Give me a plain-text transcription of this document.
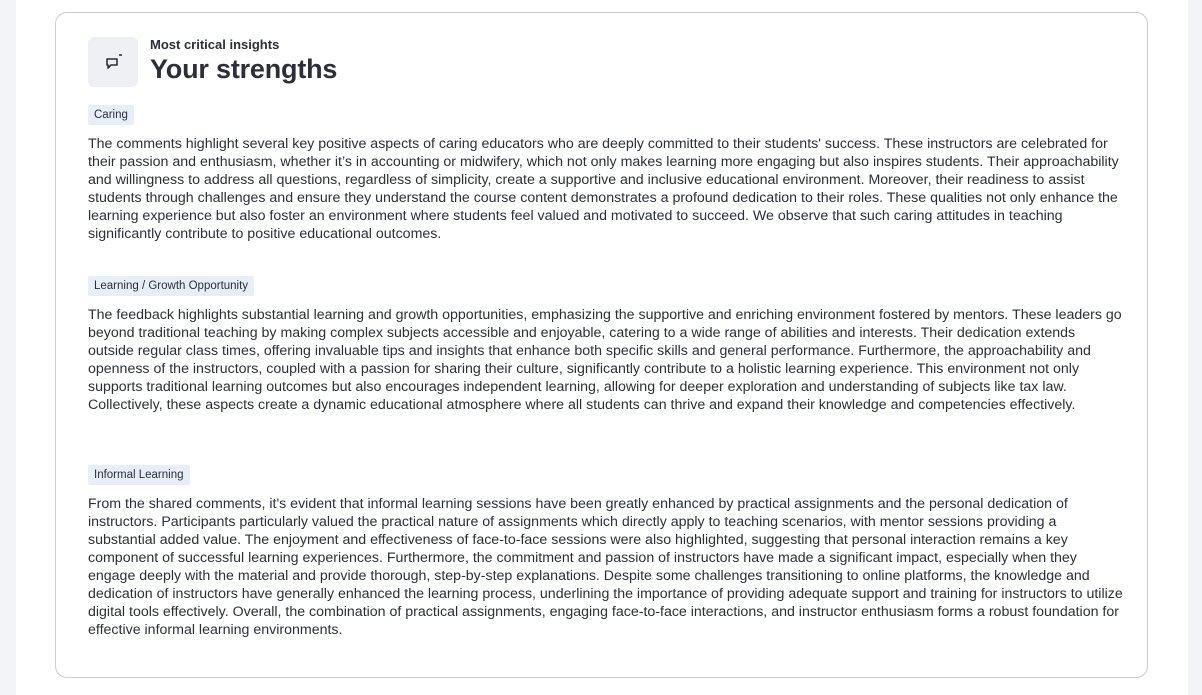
Most critical insights
Your strengths
Caring
The comments highlight several key positive aspects of caring educators who are deeply committed to their students' success. These instructors are celebrated for their passion and enthusiasm, whether it’s in accounting or midwifery, which not only makes learning more engaging but also inspires students. Their approachability and willingness to address all questions, regardless of simplicity, create a supportive and inclusive educational environment. Moreover, their readiness to assist students through challenges and ensure they understand the course content demonstrates a profound dedication to their roles. These qualities not only enhance the learning experience but also foster an environment where students feel valued and motivated to succeed. We observe that such caring attitudes in teaching significantly contribute to positive educational outcomes.
Learning / Growth Opportunity
The feedback highlights substantial learning and growth opportunities, emphasizing the supportive and enriching environment fostered by mentors. These leaders go beyond traditional teaching by making complex subjects accessible and enjoyable, catering to a wide range of abilities and interests. Their dedication extends outside regular class times, offering invaluable tips and insights that enhance both specific skills and general performance. Furthermore, the approachability and openness of the instructors, coupled with a passion for sharing their culture, significantly contribute to a holistic learning experience. This environment not only supports traditional learning outcomes but also encourages independent learning, allowing for deeper exploration and understanding of subjects like tax law. Collectively, these aspects create a dynamic educational atmosphere where all students can thrive and expand their knowledge and competencies effectively.
Informal Learning
From the shared comments, it's evident that informal learning sessions have been greatly enhanced by practical assignments and the personal dedication of instructors. Participants particularly valued the practical nature of assignments which directly apply to teaching scenarios, with mentor sessions providing a substantial added value. The enjoyment and effectiveness of face-to-face sessions were also highlighted, suggesting that personal interaction remains a key component of successful learning experiences. Furthermore, the commitment and passion of instructors have made a significant impact, especially when they engage deeply with the material and provide thorough, step-by-step explanations. Despite some challenges transitioning to online platforms, the knowledge and dedication of instructors have generally enhanced the learning process, underlining the importance of providing adequate support and training for instructors to utilize digital tools effectively. Overall, the combination of practical assignments, engaging face-to-face interactions, and instructor enthusiasm forms a robust foundation for effective informal learning environments.
